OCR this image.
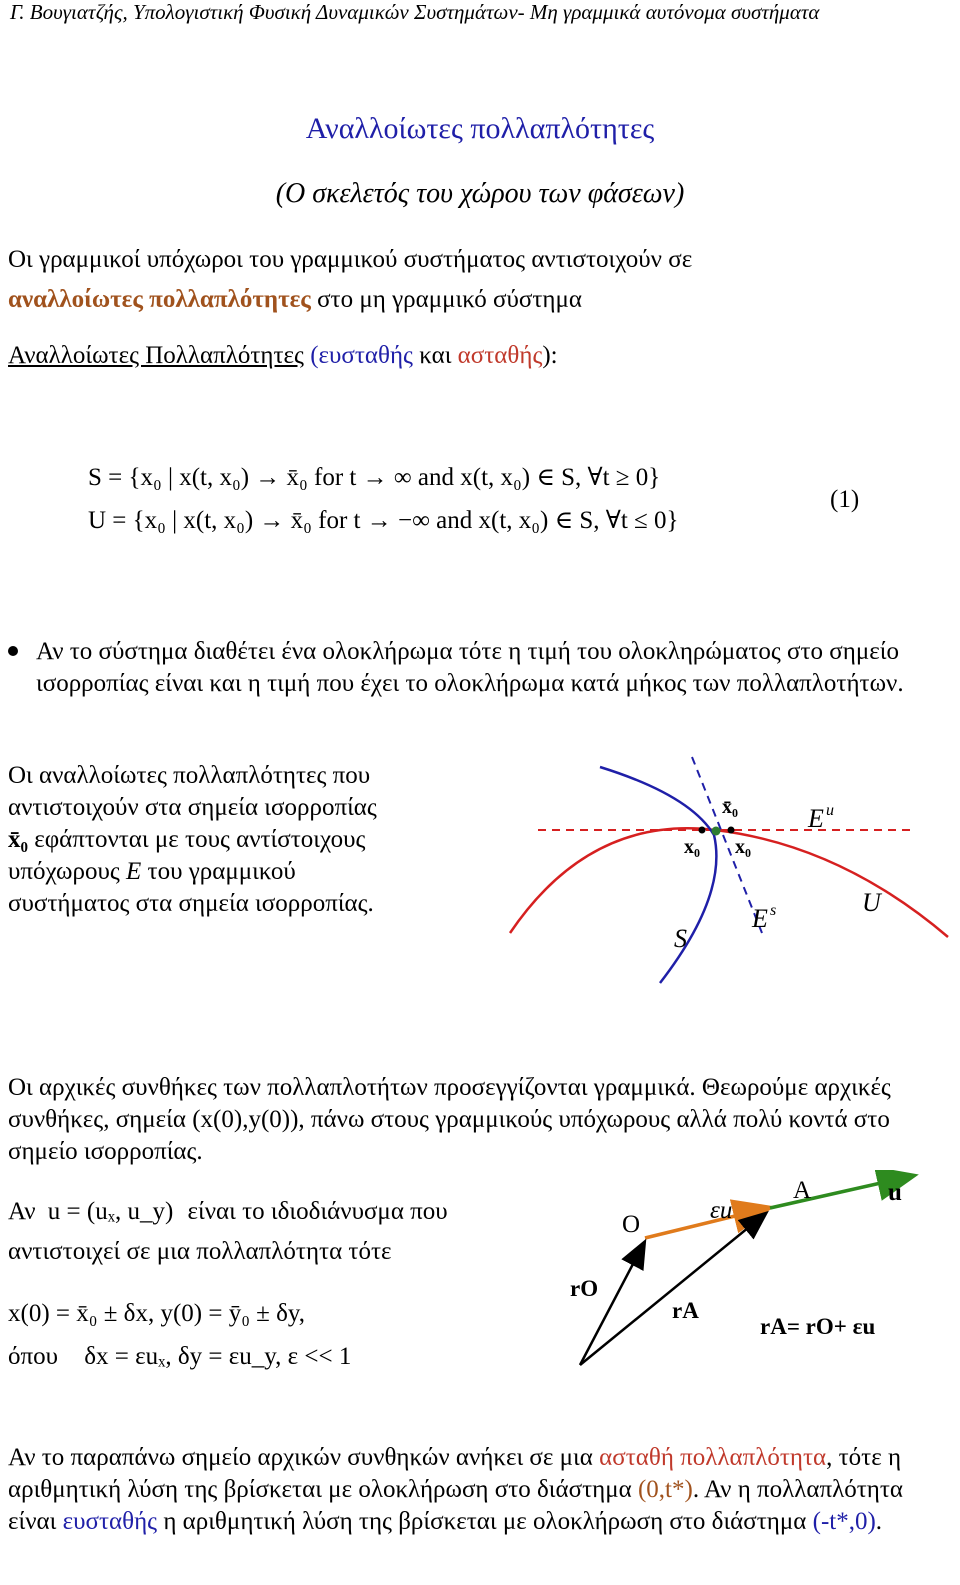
Γ. Βουγιατζής, Υπολογιστική Φυσική Δυναμικών Συστημάτων- Μη γραμμικά αυτόνομα συστήματα
Αναλλοίωτες πολλαπλότητες
(Ο σκελετός του χώρου των φάσεων)
Οι γραμμικοί υπόχωροι του γραμμικού συστήματος αντιστοιχούν σε
αναλλοίωτες πολλαπλότητες στο μη γραμμικό σύστημα
Αναλλοίωτες Πολλαπλότητες (ευσταθής και ασταθής):
S = {x₀ | x(t, x₀) → x̄₀ for t → ∞ and x(t, x₀) ∈ S, ∀t ≥ 0}
U = {x₀ | x(t, x₀) → x̄₀ for t → −∞ and x(t, x₀) ∈ S, ∀t ≤ 0}
(1)
Αν το σύστημα διαθέτει ένα ολοκλήρωμα τότε η τιμή του ολοκληρώματος στο σημείο ισορροπίας είναι και η τιμή που έχει το ολοκλήρωμα κατά μήκος των πολλαπλοτήτων.
Οι αναλλοίωτες πολλαπλότητες που
αντιστοιχούν στα σημεία ισορροπίας
x̄₀ εφάπτονται με τους αντίστοιχους
υπόχωρους E του γραμμικού
συστήματος στα σημεία ισορροπίας.
x̄₀
x₀ x₀
E u
E s
S
U
Οι αρχικές συνθήκες των πολλαπλοτήτων προσεγγίζονται γραμμικά. Θεωρούμε αρχικές συνθήκες, σημεία (x(0),y(0)), πάνω στους γραμμικούς υπόχωρους αλλά πολύ κοντά στο σημείο ισορροπίας.
Αν u = (uₓ, u_y) είναι το ιδιοδιάνυσμα που
αντιστοιχεί σε μια πολλαπλότητα τότε
x(0) = x̄₀ ± δx, y(0) = ȳ₀ ± δy,
όπου δx = εuₓ, δy = εu_y, ε << 1
A	u
O
εu
rO
rA
rA= rO+ εu
Αν το παραπάνω σημείο αρχικών συνθηκών ανήκει σε μια ασταθή πολλαπλότητα, τότε η αριθμητική λύση της βρίσκεται με ολοκλήρωση στο διάστημα (0,t*). Αν η πολλαπλότητα είναι ευσταθής η αριθμητική λύση της βρίσκεται με ολοκλήρωση στο διάστημα (-t*,0).
